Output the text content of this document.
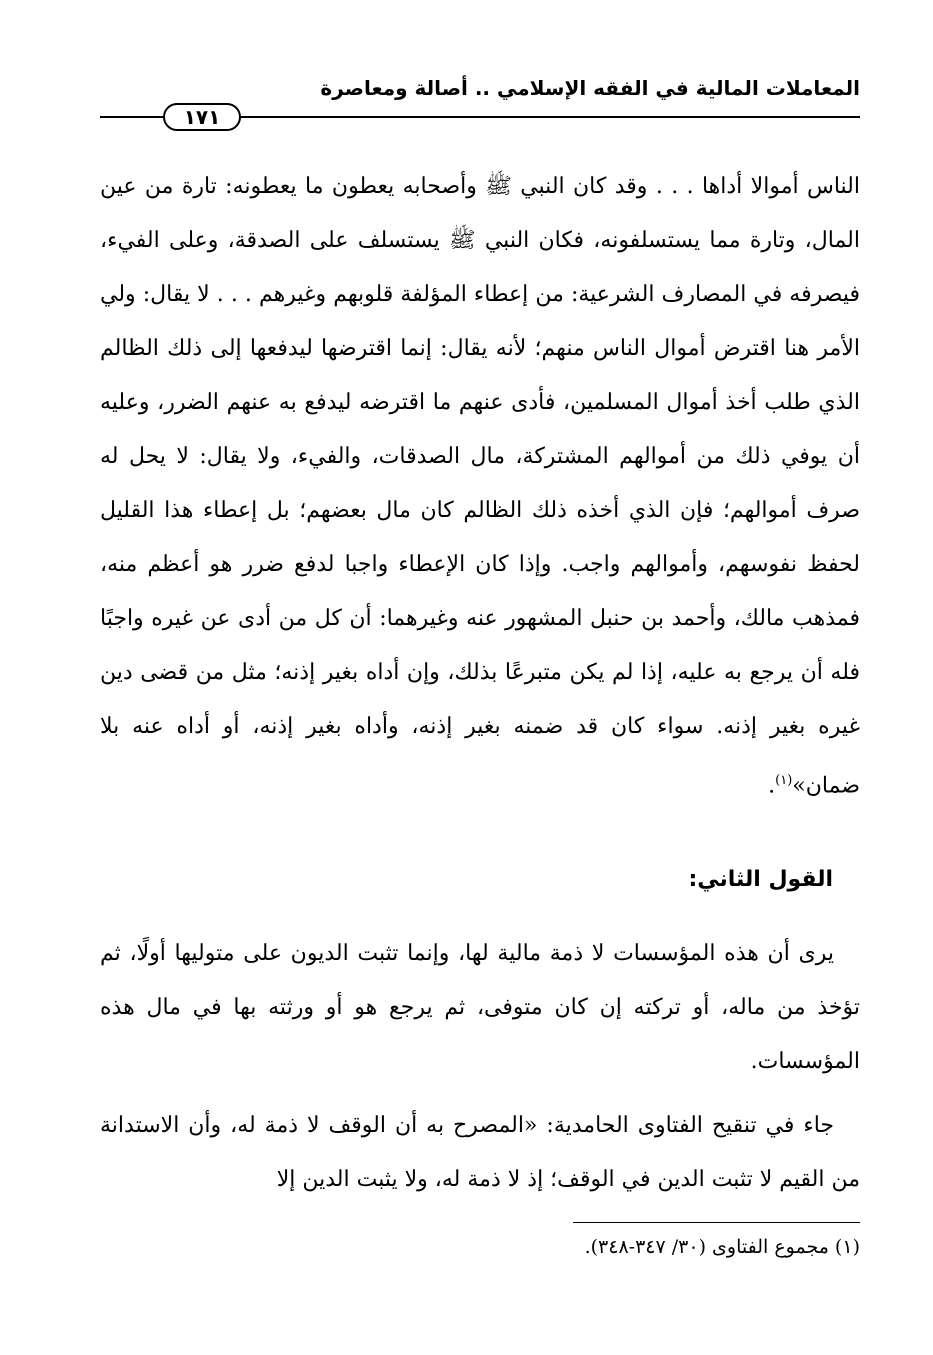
المعاملات المالية في الفقه الإسلامي .. أصالة ومعاصرة
١٧١
الناس أموالا أداها . . . وقد كان النبي ﷺ وأصحابه يعطون ما يعطونه: تارة من عين المال، وتارة مما يستسلفونه، فكان النبي ﷺ يستسلف على الصدقة، وعلى الفيء، فيصرفه في المصارف الشرعية: من إعطاء المؤلفة قلوبهم وغيرهم . . . لا يقال: ولي الأمر هنا اقترض أموال الناس منهم؛ لأنه يقال: إنما اقترضها ليدفعها إلى ذلك الظالم الذي طلب أخذ أموال المسلمين، فأدى عنهم ما اقترضه ليدفع به عنهم الضرر، وعليه أن يوفي ذلك من أموالهم المشتركة، مال الصدقات، والفيء، ولا يقال: لا يحل له صرف أموالهم؛ فإن الذي أخذه ذلك الظالم كان مال بعضهم؛ بل إعطاء هذا القليل لحفظ نفوسهم، وأموالهم واجب. وإذا كان الإعطاء واجبا لدفع ضرر هو أعظم منه، فمذهب مالك، وأحمد بن حنبل المشهور عنه وغيرهما: أن كل من أدى عن غيره واجبًا فله أن يرجع به عليه، إذا لم يكن متبرعًا بذلك، وإن أداه بغير إذنه؛ مثل من قضى دين غيره بغير إذنه. سواء كان قد ضمنه بغير إذنه، وأداه بغير إذنه، أو أداه عنه بلا ضمان»$^{(١)}$.
القول الثاني:
يرى أن هذه المؤسسات لا ذمة مالية لها، وإنما تثبت الديون على متوليها أولًا، ثم تؤخذ من ماله، أو تركته إن كان متوفى، ثم يرجع هو أو ورثته بها في مال هذه المؤسسات.
جاء في تنقيح الفتاوى الحامدية: «المصرح به أن الوقف لا ذمة له، وأن الاستدانة من القيم لا تثبت الدين في الوقف؛ إذ لا ذمة له، ولا يثبت الدين إلا
(١) مجموع الفتاوى (٣٠/ ٣٤٧-٣٤٨).
